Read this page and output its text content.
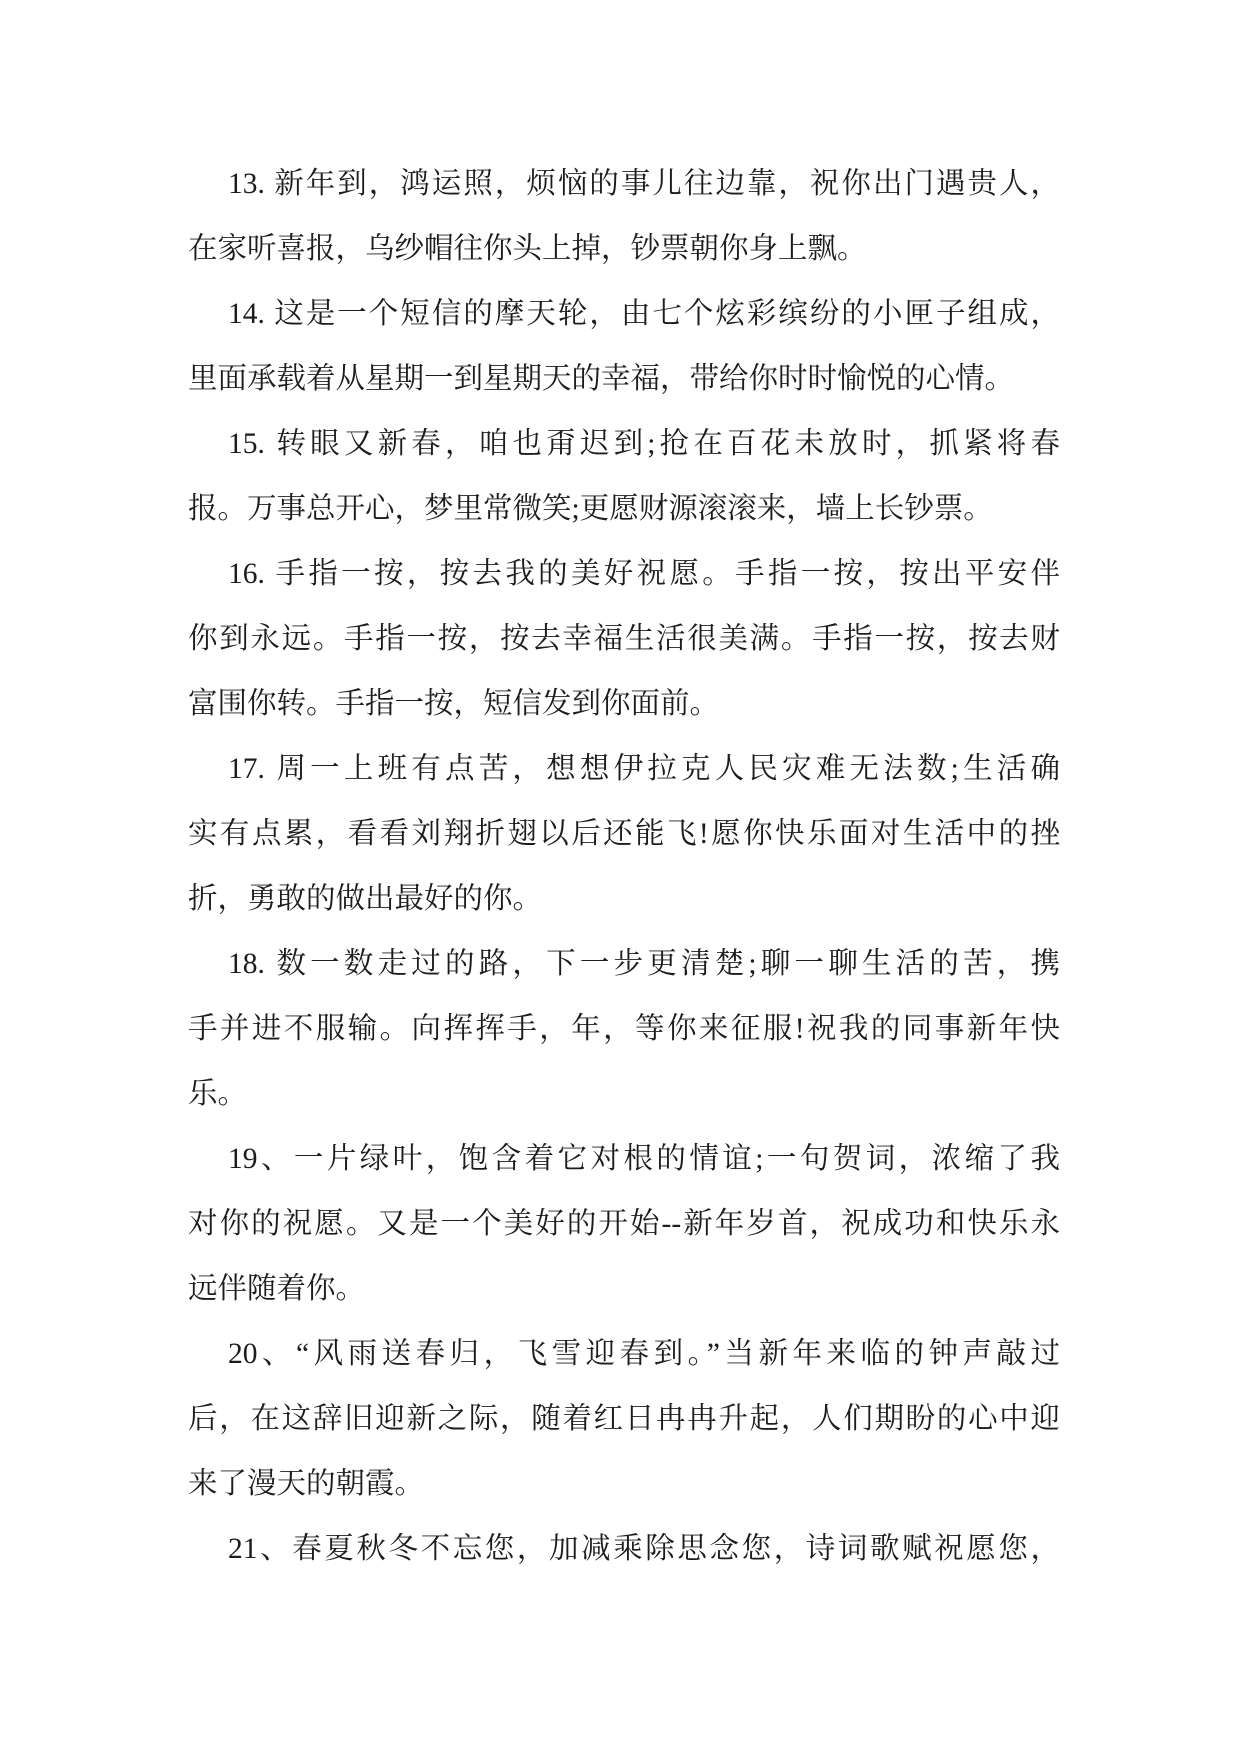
13. 新年到，鸿运照，烦恼的事儿往边靠，祝你出门遇贵人，
在家听喜报，乌纱帽往你头上掉，钞票朝你身上飘。
14. 这是一个短信的摩天轮，由七个炫彩缤纷的小匣子组成，
里面承载着从星期一到星期天的幸福，带给你时时愉悦的心情。
15. 转眼又新春，咱也甭迟到;抢在百花未放时，抓紧将春
报。万事总开心，梦里常微笑;更愿财源滚滚来，墙上长钞票。
16. 手指一按，按去我的美好祝愿。手指一按，按出平安伴
你到永远。手指一按，按去幸福生活很美满。手指一按，按去财
富围你转。手指一按，短信发到你面前。
17. 周一上班有点苦，想想伊拉克人民灾难无法数;生活确
实有点累，看看刘翔折翅以后还能飞!愿你快乐面对生活中的挫
折，勇敢的做出最好的你。
18. 数一数走过的路，下一步更清楚;聊一聊生活的苦，携
手并进不服输。向挥挥手，年，等你来征服!祝我的同事新年快
乐。
19、一片绿叶，饱含着它对根的情谊;一句贺词，浓缩了我
对你的祝愿。又是一个美好的开始--新年岁首，祝成功和快乐永
远伴随着你。
20、“风雨送春归，飞雪迎春到。”当新年来临的钟声敲过
后，在这辞旧迎新之际，随着红日冉冉升起，人们期盼的心中迎
来了漫天的朝霞。
21、春夏秋冬不忘您，加减乘除思念您，诗词歌赋祝愿您，
